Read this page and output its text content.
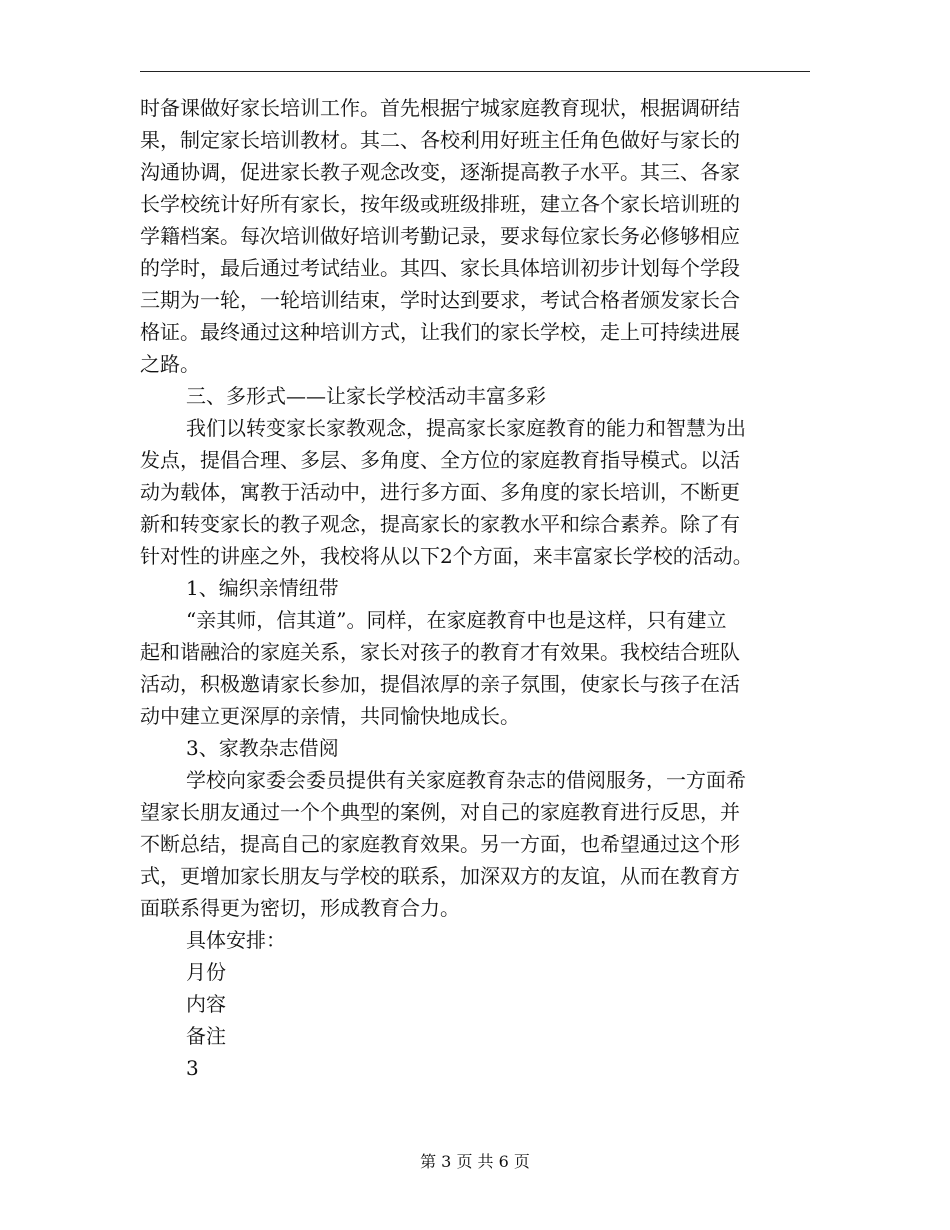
时备课做好家长培训工作。首先根据宁城家庭教育现状，根据调研结
果，制定家长培训教材。其二、各校利用好班主任角色做好与家长的
沟通协调，促进家长教子观念改变，逐渐提高教子水平。其三、各家
长学校统计好所有家长，按年级或班级排班，建立各个家长培训班的
学籍档案。每次培训做好培训考勤记录，要求每位家长务必修够相应
的学时，最后通过考试结业。其四、家长具体培训初步计划每个学段
三期为一轮，一轮培训结束，学时达到要求，考试合格者颁发家长合
格证。最终通过这种培训方式，让我们的家长学校，走上可持续进展
之路。
三、多形式——让家长学校活动丰富多彩
我们以转变家长家教观念，提高家长家庭教育的能力和智慧为出
发点，提倡合理、多层、多角度、全方位的家庭教育指导模式。以活
动为载体，寓教于活动中，进行多方面、多角度的家长培训，不断更
新和转变家长的教子观念，提高家长的家教水平和综合素养。除了有
针对性的讲座之外，我校将从以下2个方面，来丰富家长学校的活动。
1、编织亲情纽带
“亲其师，信其道”。同样，在家庭教育中也是这样，只有建立
起和谐融洽的家庭关系，家长对孩子的教育才有效果。我校结合班队
活动，积极邀请家长参加，提倡浓厚的亲子氛围，使家长与孩子在活
动中建立更深厚的亲情，共同愉快地成长。
3、家教杂志借阅
学校向家委会委员提供有关家庭教育杂志的借阅服务，一方面希
望家长朋友通过一个个典型的案例，对自己的家庭教育进行反思，并
不断总结，提高自己的家庭教育效果。另一方面，也希望通过这个形
式，更增加家长朋友与学校的联系，加深双方的友谊，从而在教育方
面联系得更为密切，形成教育合力。
具体安排：
月份
内容
备注
3
第 3 页 共 6 页
